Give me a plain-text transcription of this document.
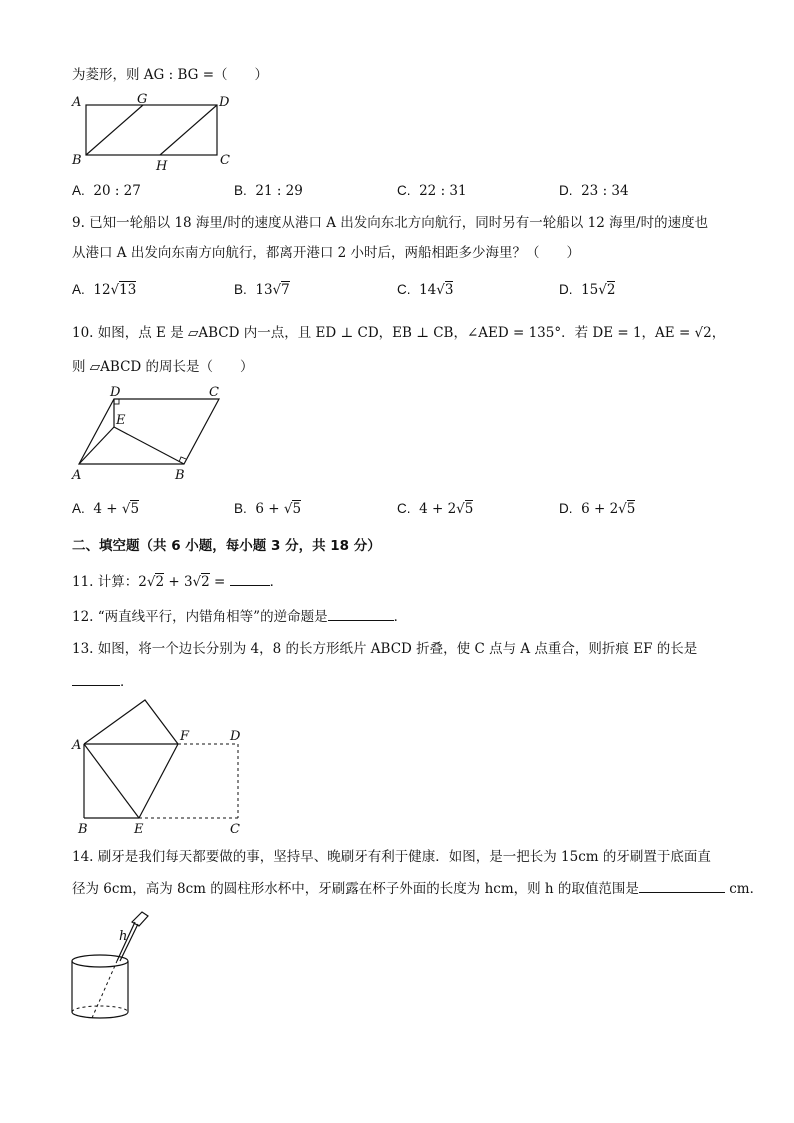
为菱形，则 AG : BG =（　　）
A	G	D
B	H	C
A. 20 : 27	B. 21 : 29	C. 22 : 31	D. 23 : 34
9. 已知一轮船以 18 海里/时的速度从港口 A 出发向东北方向航行，同时另有一轮船以 12 海里/时的速度也
从港口 A 出发向东南方向航行，都离开港口 2 小时后，两船相距多少海里？（　　）
A. 12√13	B. 13√7	C. 14√3	D. 15√2
10. 如图，点 E 是 ▱ABCD 内一点，且 ED ⊥ CD，EB ⊥ CB，∠AED = 135°．若 DE = 1，AE = √2，
则 ▱ABCD 的周长是（　　）
D	C
E
A	B
A. 4 + √5	B. 6 + √5	C. 4 + 2√5	D. 6 + 2√5
二、填空题（共 6 小题，每小题 3 分，共 18 分）
11. 计算：2√2 + 3√2 =	．
12. “两直线平行，内错角相等”的逆命题是	．
13. 如图，将一个边长分别为 4，8 的长方形纸片 ABCD 折叠，使 C 点与 A 点重合，则折痕 EF 的长是
．
A
F	D
B	E	C
14. 刷牙是我们每天都要做的事，坚持早、晚刷牙有利于健康．如图，是一把长为 15cm 的牙刷置于底面直
径为 6cm，高为 8cm 的圆柱形水杯中，牙刷露在杯子外面的长度为 hcm，则 h 的取值范围是	cm．
h
